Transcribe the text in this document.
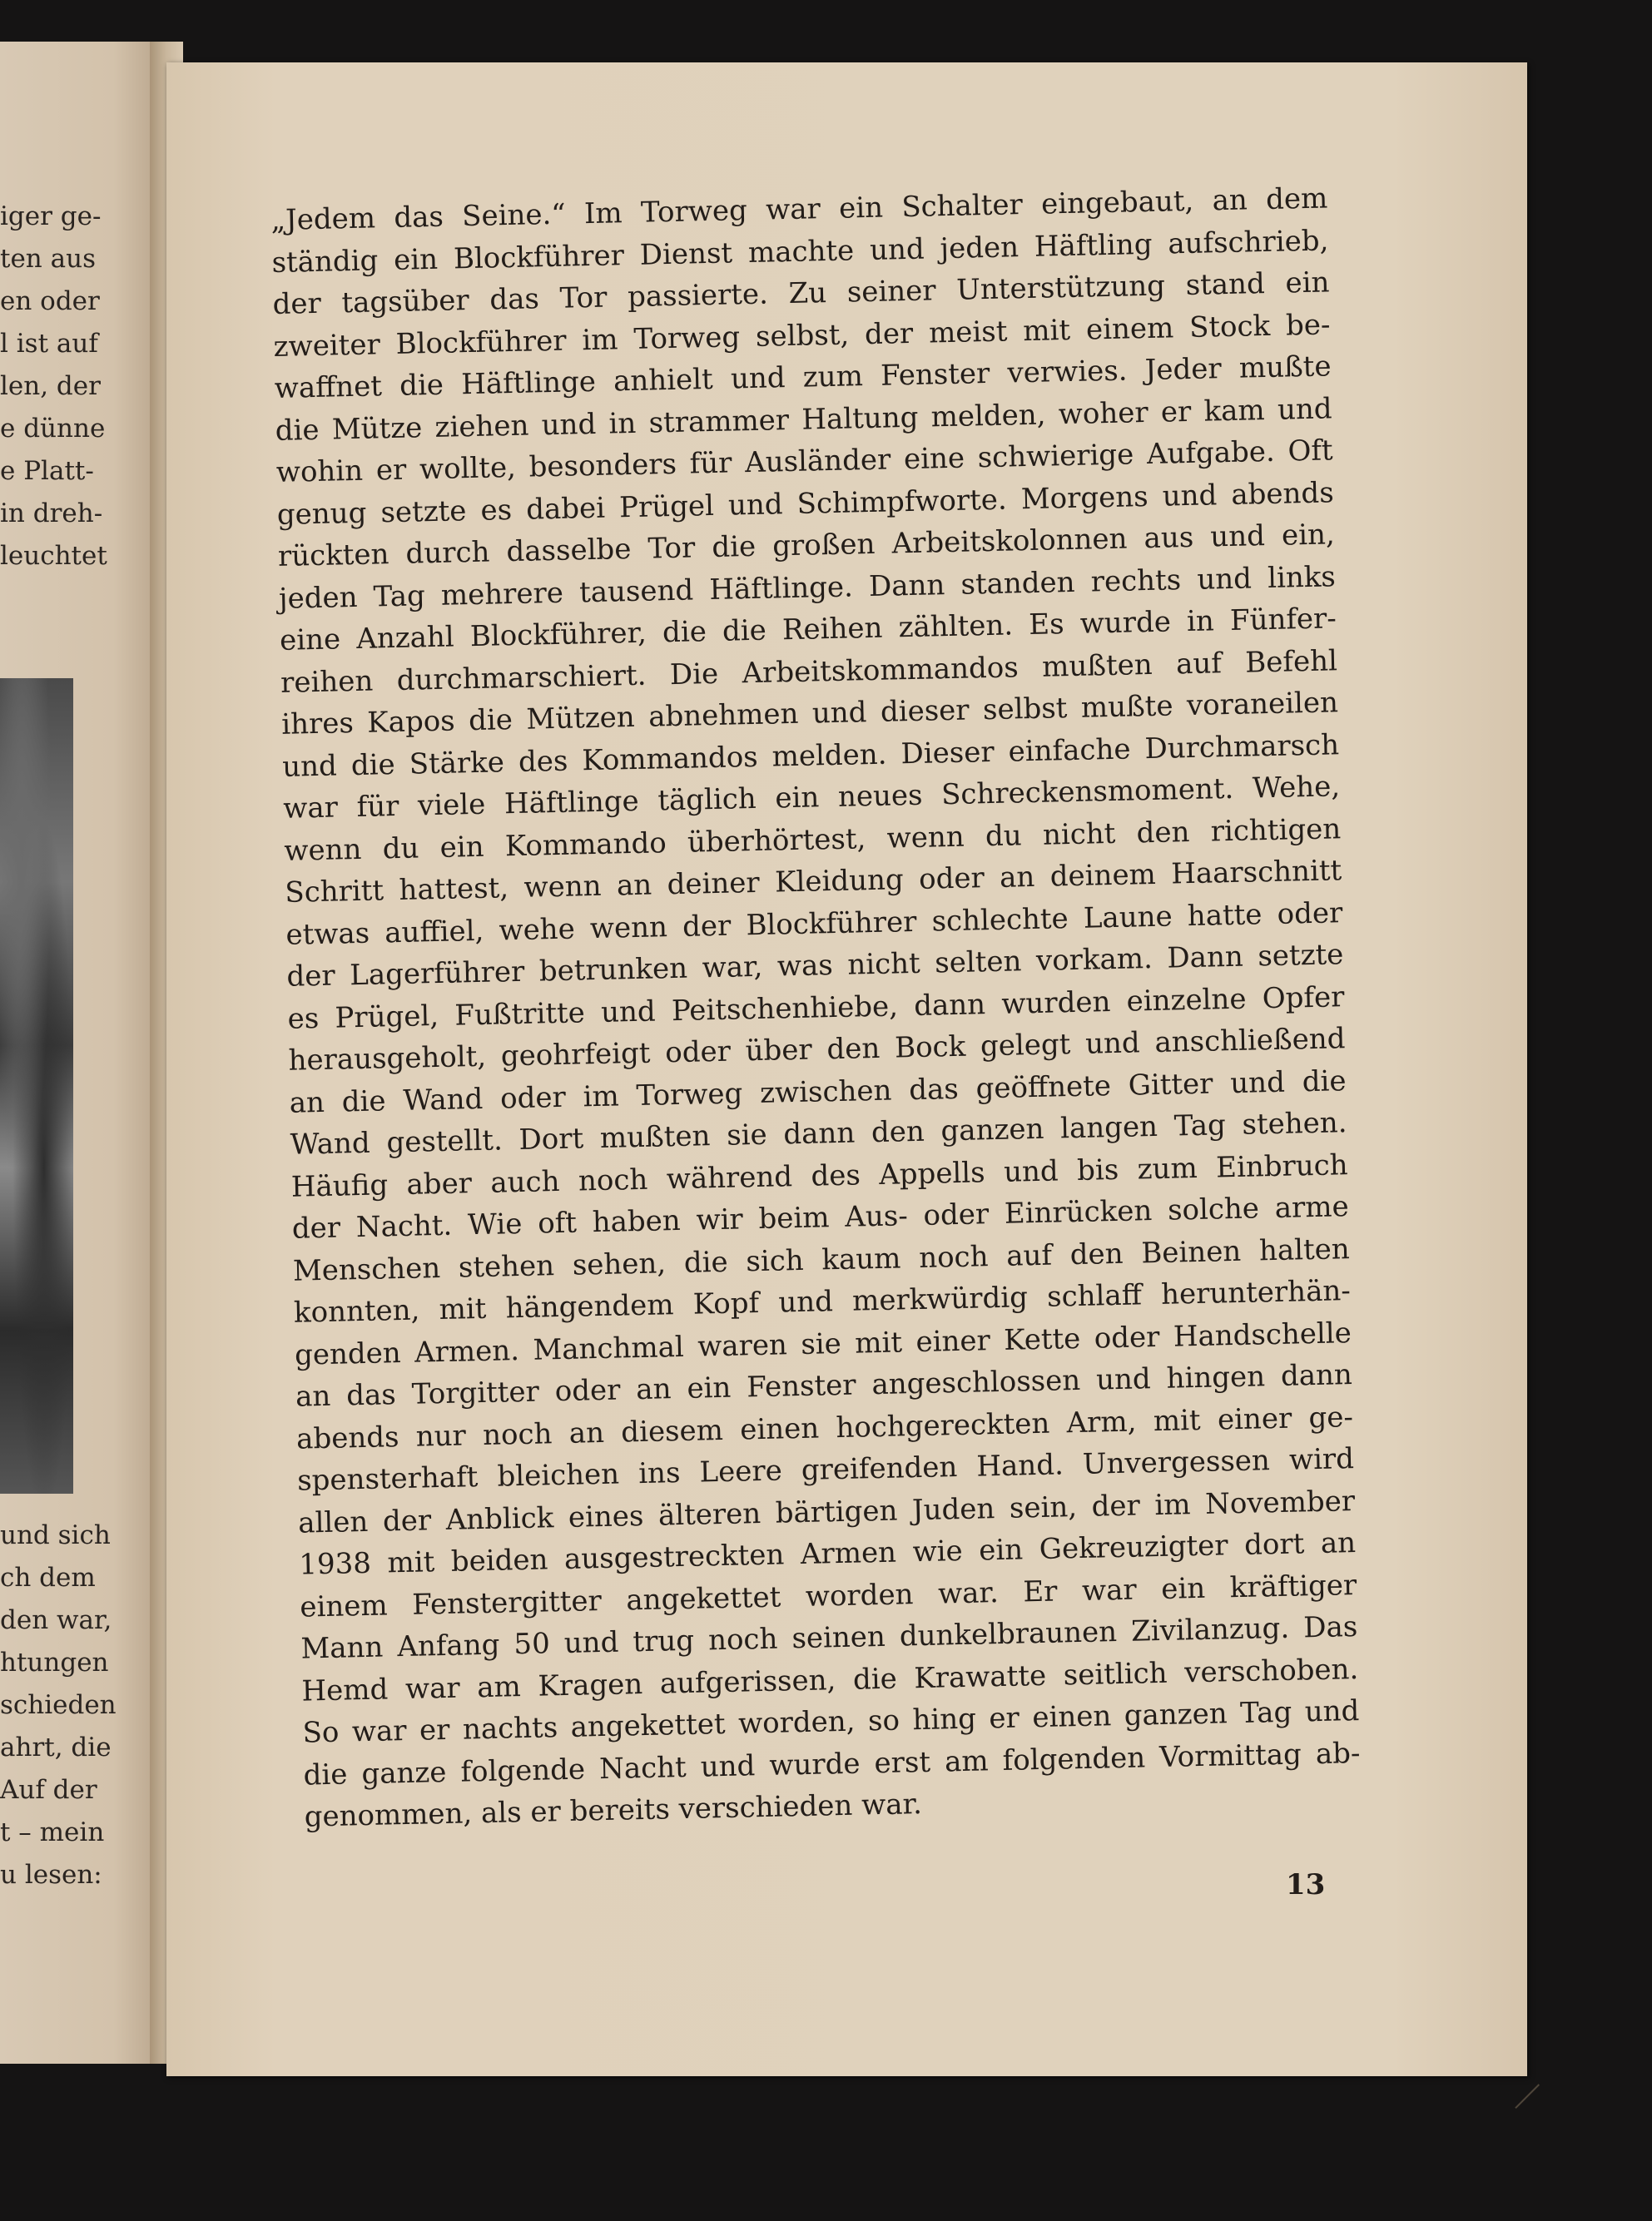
iger ge-
ten aus
en oder
l ist auf
len, der
e dünne
e Platt-
in dreh-
leuchtet
und sich
ch dem
den war,
htungen
schieden
ahrt, die
Auf der
t – mein
u lesen:
„Jedem das Seine.“ Im Torweg war ein Schalter eingebaut, an dem
ständig ein Blockführer Dienst machte und jeden Häftling aufschrieb,
der tagsüber das Tor passierte. Zu seiner Unterstützung stand ein
zweiter Blockführer im Torweg selbst, der meist mit einem Stock be-
waffnet die Häftlinge anhielt und zum Fenster verwies. Jeder mußte
die Mütze ziehen und in strammer Haltung melden, woher er kam und
wohin er wollte, besonders für Ausländer eine schwierige Aufgabe. Oft
genug setzte es dabei Prügel und Schimpfworte. Morgens und abends
rückten durch dasselbe Tor die großen Arbeitskolonnen aus und ein,
jeden Tag mehrere tausend Häftlinge. Dann standen rechts und links
eine Anzahl Blockführer, die die Reihen zählten. Es wurde in Fünfer-
reihen durchmarschiert. Die Arbeitskommandos mußten auf Befehl
ihres Kapos die Mützen abnehmen und dieser selbst mußte voraneilen
und die Stärke des Kommandos melden. Dieser einfache Durchmarsch
war für viele Häftlinge täglich ein neues Schreckensmoment. Wehe,
wenn du ein Kommando überhörtest, wenn du nicht den richtigen
Schritt hattest, wenn an deiner Kleidung oder an deinem Haarschnitt
etwas auffiel, wehe wenn der Blockführer schlechte Laune hatte oder
der Lagerführer betrunken war, was nicht selten vorkam. Dann setzte
es Prügel, Fußtritte und Peitschenhiebe, dann wurden einzelne Opfer
herausgeholt, geohrfeigt oder über den Bock gelegt und anschließend
an die Wand oder im Torweg zwischen das geöffnete Gitter und die
Wand gestellt. Dort mußten sie dann den ganzen langen Tag stehen.
Häufig aber auch noch während des Appells und bis zum Einbruch
der Nacht. Wie oft haben wir beim Aus- oder Einrücken solche arme
Menschen stehen sehen, die sich kaum noch auf den Beinen halten
konnten, mit hängendem Kopf und merkwürdig schlaff herunterhän-
genden Armen. Manchmal waren sie mit einer Kette oder Handschelle
an das Torgitter oder an ein Fenster angeschlossen und hingen dann
abends nur noch an diesem einen hochgereckten Arm, mit einer ge-
spensterhaft bleichen ins Leere greifenden Hand. Unvergessen wird
allen der Anblick eines älteren bärtigen Juden sein, der im November
1938 mit beiden ausgestreckten Armen wie ein Gekreuzigter dort an
einem Fenstergitter angekettet worden war. Er war ein kräftiger
Mann Anfang 50 und trug noch seinen dunkelbraunen Zivilanzug. Das
Hemd war am Kragen aufgerissen, die Krawatte seitlich verschoben.
So war er nachts angekettet worden, so hing er einen ganzen Tag und
die ganze folgende Nacht und wurde erst am folgenden Vormittag ab-
genommen, als er bereits verschieden war.
13
